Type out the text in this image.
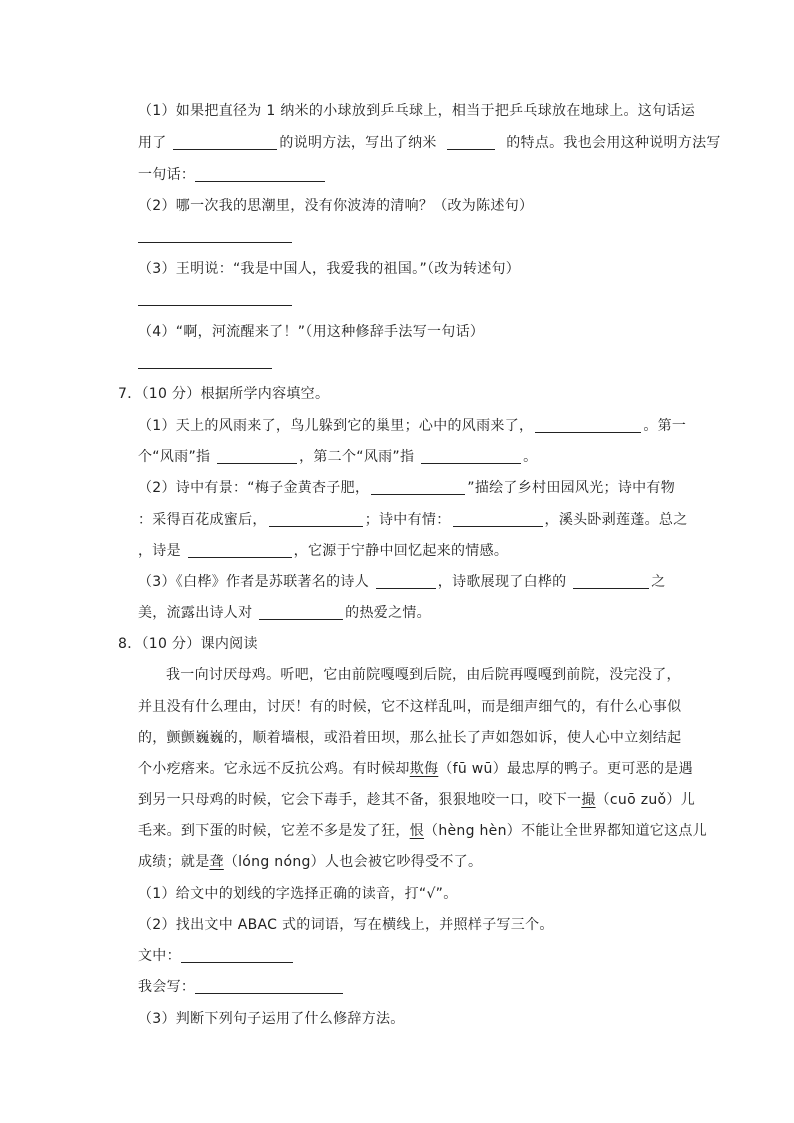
（1）如果把直径为 1 纳米的小球放到乒乓球上，相当于把乒乓球放在地球上。这句话运
用了	的说明方法，写出了纳米	的特点。我也会用这种说明方法写
一句话：
（2）哪一次我的思潮里，没有你波涛的清响？（改为陈述句）
（3）王明说：“我是中国人，我爱我的祖国。”（改为转述句）
（4）“啊，河流醒来了！”（用这种修辞手法写一句话）
7．（10 分）根据所学内容填空。
（1）天上的风雨来了，鸟儿躲到它的巢里；心中的风雨来了，	。第一
个“风雨”指	，第二个“风雨”指	。
（2）诗中有景：“梅子金黄杏子肥，	”描绘了乡村田园风光；诗中有物
：采得百花成蜜后，	；诗中有情：	，溪头卧剥莲蓬。总之
，诗是	，它源于宁静中回忆起来的情感。
（3）《白桦》作者是苏联著名的诗人	，诗歌展现了白桦的	之
美，流露出诗人对	的热爱之情。
8．（10 分）课内阅读
我一向讨厌母鸡。听吧，它由前院嘎嘎到后院，由后院再嘎嘎到前院，没完没了，
并且没有什么理由，讨厌！有的时候，它不这样乱叫，而是细声细气的，有什么心事似
的，颤颤巍巍的，顺着墙根，或沿着田坝，那么扯长了声如怨如诉，使人心中立刻结起
个小疙瘩来。它永远不反抗公鸡。有时候却欺侮（fū wū）最忠厚的鸭子。更可恶的是遇
到另一只母鸡的时候，它会下毒手，趁其不备，狠狠地咬一口，咬下一撮（cuō zuǒ）儿
毛来。到下蛋的时候，它差不多是发了狂，恨（hèng hèn）不能让全世界都知道它这点儿
成绩；就是聋（lóng nóng）人也会被它吵得受不了。
（1）给文中的划线的字选择正确的读音，打“√”。
（2）找出文中 ABAC 式的词语，写在横线上，并照样子写三个。
文中：
我会写：
（3）判断下列句子运用了什么修辞方法。
